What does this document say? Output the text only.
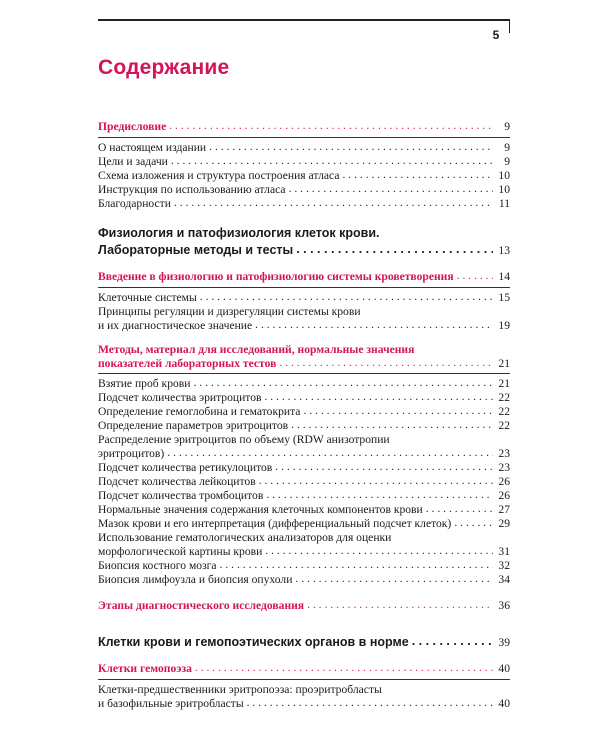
5
Содержание
Предисловие . . .	9
О настоящем издании . . .	9
Цели и задачи . . .	9
Схема изложения и структура построения атласа . . .	10
Инструкция по использованию атласа . . .	10
Благодарности . . .	11
Физиология и патофизиология клеток крови.
Лабораторные методы и тесты . . .	13
Введение в физиологию и патофизиологию системы кроветворения . . .	14
Клеточные системы . . .	15
Принципы регуляции и дизрегуляции системы крови
и их диагностическое значение . . .	19
Методы, материал для исследований, нормальные значения
показателей лабораторных тестов . . .	21
Взятие проб крови . . .	21
Подсчет количества эритроцитов . . .	22
Определение гемоглобина и гематокрита . . .	22
Определение параметров эритроцитов . . .	22
Распределение эритроцитов по объему (RDW анизотропии
эритроцитов) . . .	23
Подсчет количества ретикулоцитов . . .	23
Подсчет количества лейкоцитов . . .	26
Подсчет количества тромбоцитов . . .	26
Нормальные значения содержания клеточных компонентов крови . . .	27
Мазок крови и его интерпретация (дифференциальный подсчет клеток) . . .	29
Использование гематологических анализаторов для оценки
морфологической картины крови . . .	31
Биопсия костного мозга . . .	32
Биопсия лимфоузла и биопсия опухоли . . .	34
Этапы диагностического исследования . . .	36
Клетки крови и гемопоэтических органов в норме . . .	39
Клетки гемопоэза . . .	40
Клетки-предшественники эритропоэза: проэритробласты
и базофильные эритробласты . . .	40
